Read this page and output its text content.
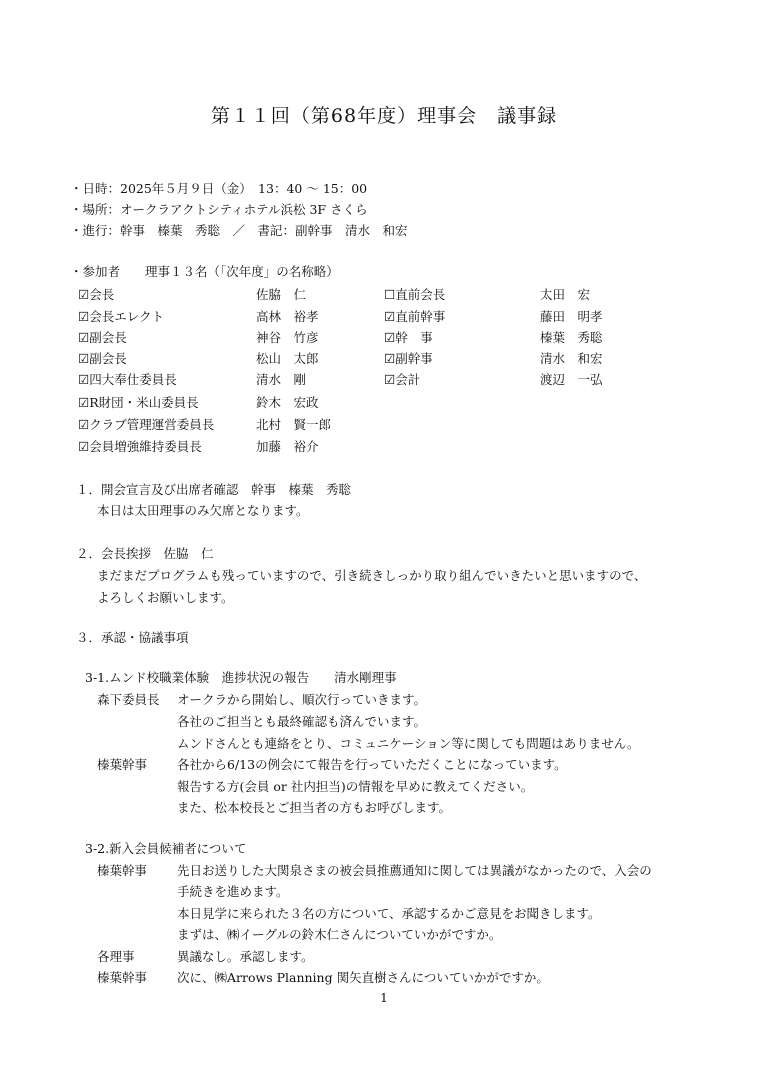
第１１回（第68年度）理事会　議事録
・日時：2025年５月９日（金）　13：40 〜 15：00
・場所：オークラアクトシティホテル浜松 3F さくら
・進行：幹事　榛葉　秀聡　／　書記：副幹事　清水　和宏
・参加者　　理事１３名（「次年度」の名称略）
☑会長	佐脇　仁	☐直前会長	太田　宏
☑会長エレクト	高林　裕孝	☑直前幹事	藤田　明孝
☑副会長	神谷　竹彦	☑幹　事	榛葉　秀聡
☑副会長	松山　太郎	☑副幹事	清水　和宏
☑四大奉仕委員長	清水　剛	☑会計	渡辺　一弘
☑R財団・米山委員長	鈴木　宏政
☑クラブ管理運営委員長	北村　賢一郎
☑会員増強維持委員長	加藤　裕介
１．開会宣言及び出席者確認　幹事　榛葉　秀聡
本日は太田理事のみ欠席となります。
２．会長挨拶　佐脇　仁
まだまだプログラムも残っていますので、引き続きしっかり取り組んでいきたいと思いますので、
よろしくお願いします。
３．承認・協議事項
3-1.ムンド校職業体験　進捗状況の報告　　清水剛理事
森下委員長 オークラから開始し、順次行っていきます。
各社のご担当とも最終確認も済んでいます。
ムンドさんとも連絡をとり、コミュニケーション等に関しても問題はありません。
榛葉幹事 各社から6/13の例会にて報告を行っていただくことになっています。
報告する方(会員 or 社内担当)の情報を早めに教えてください。
また、松本校長とご担当者の方もお呼びします。
3-2.新入会員候補者について
榛葉幹事 先日お送りした大関泉さまの被会員推薦通知に関しては異議がなかったので、入会の
手続きを進めます。
本日見学に来られた３名の方について、承認するかご意見をお聞きします。
まずは、㈱イーグルの鈴木仁さんについていかがですか。
各理事	異議なし。承認します。
榛葉幹事 次に、㈱Arrows Planning 関矢直樹さんについていかがですか。
1
